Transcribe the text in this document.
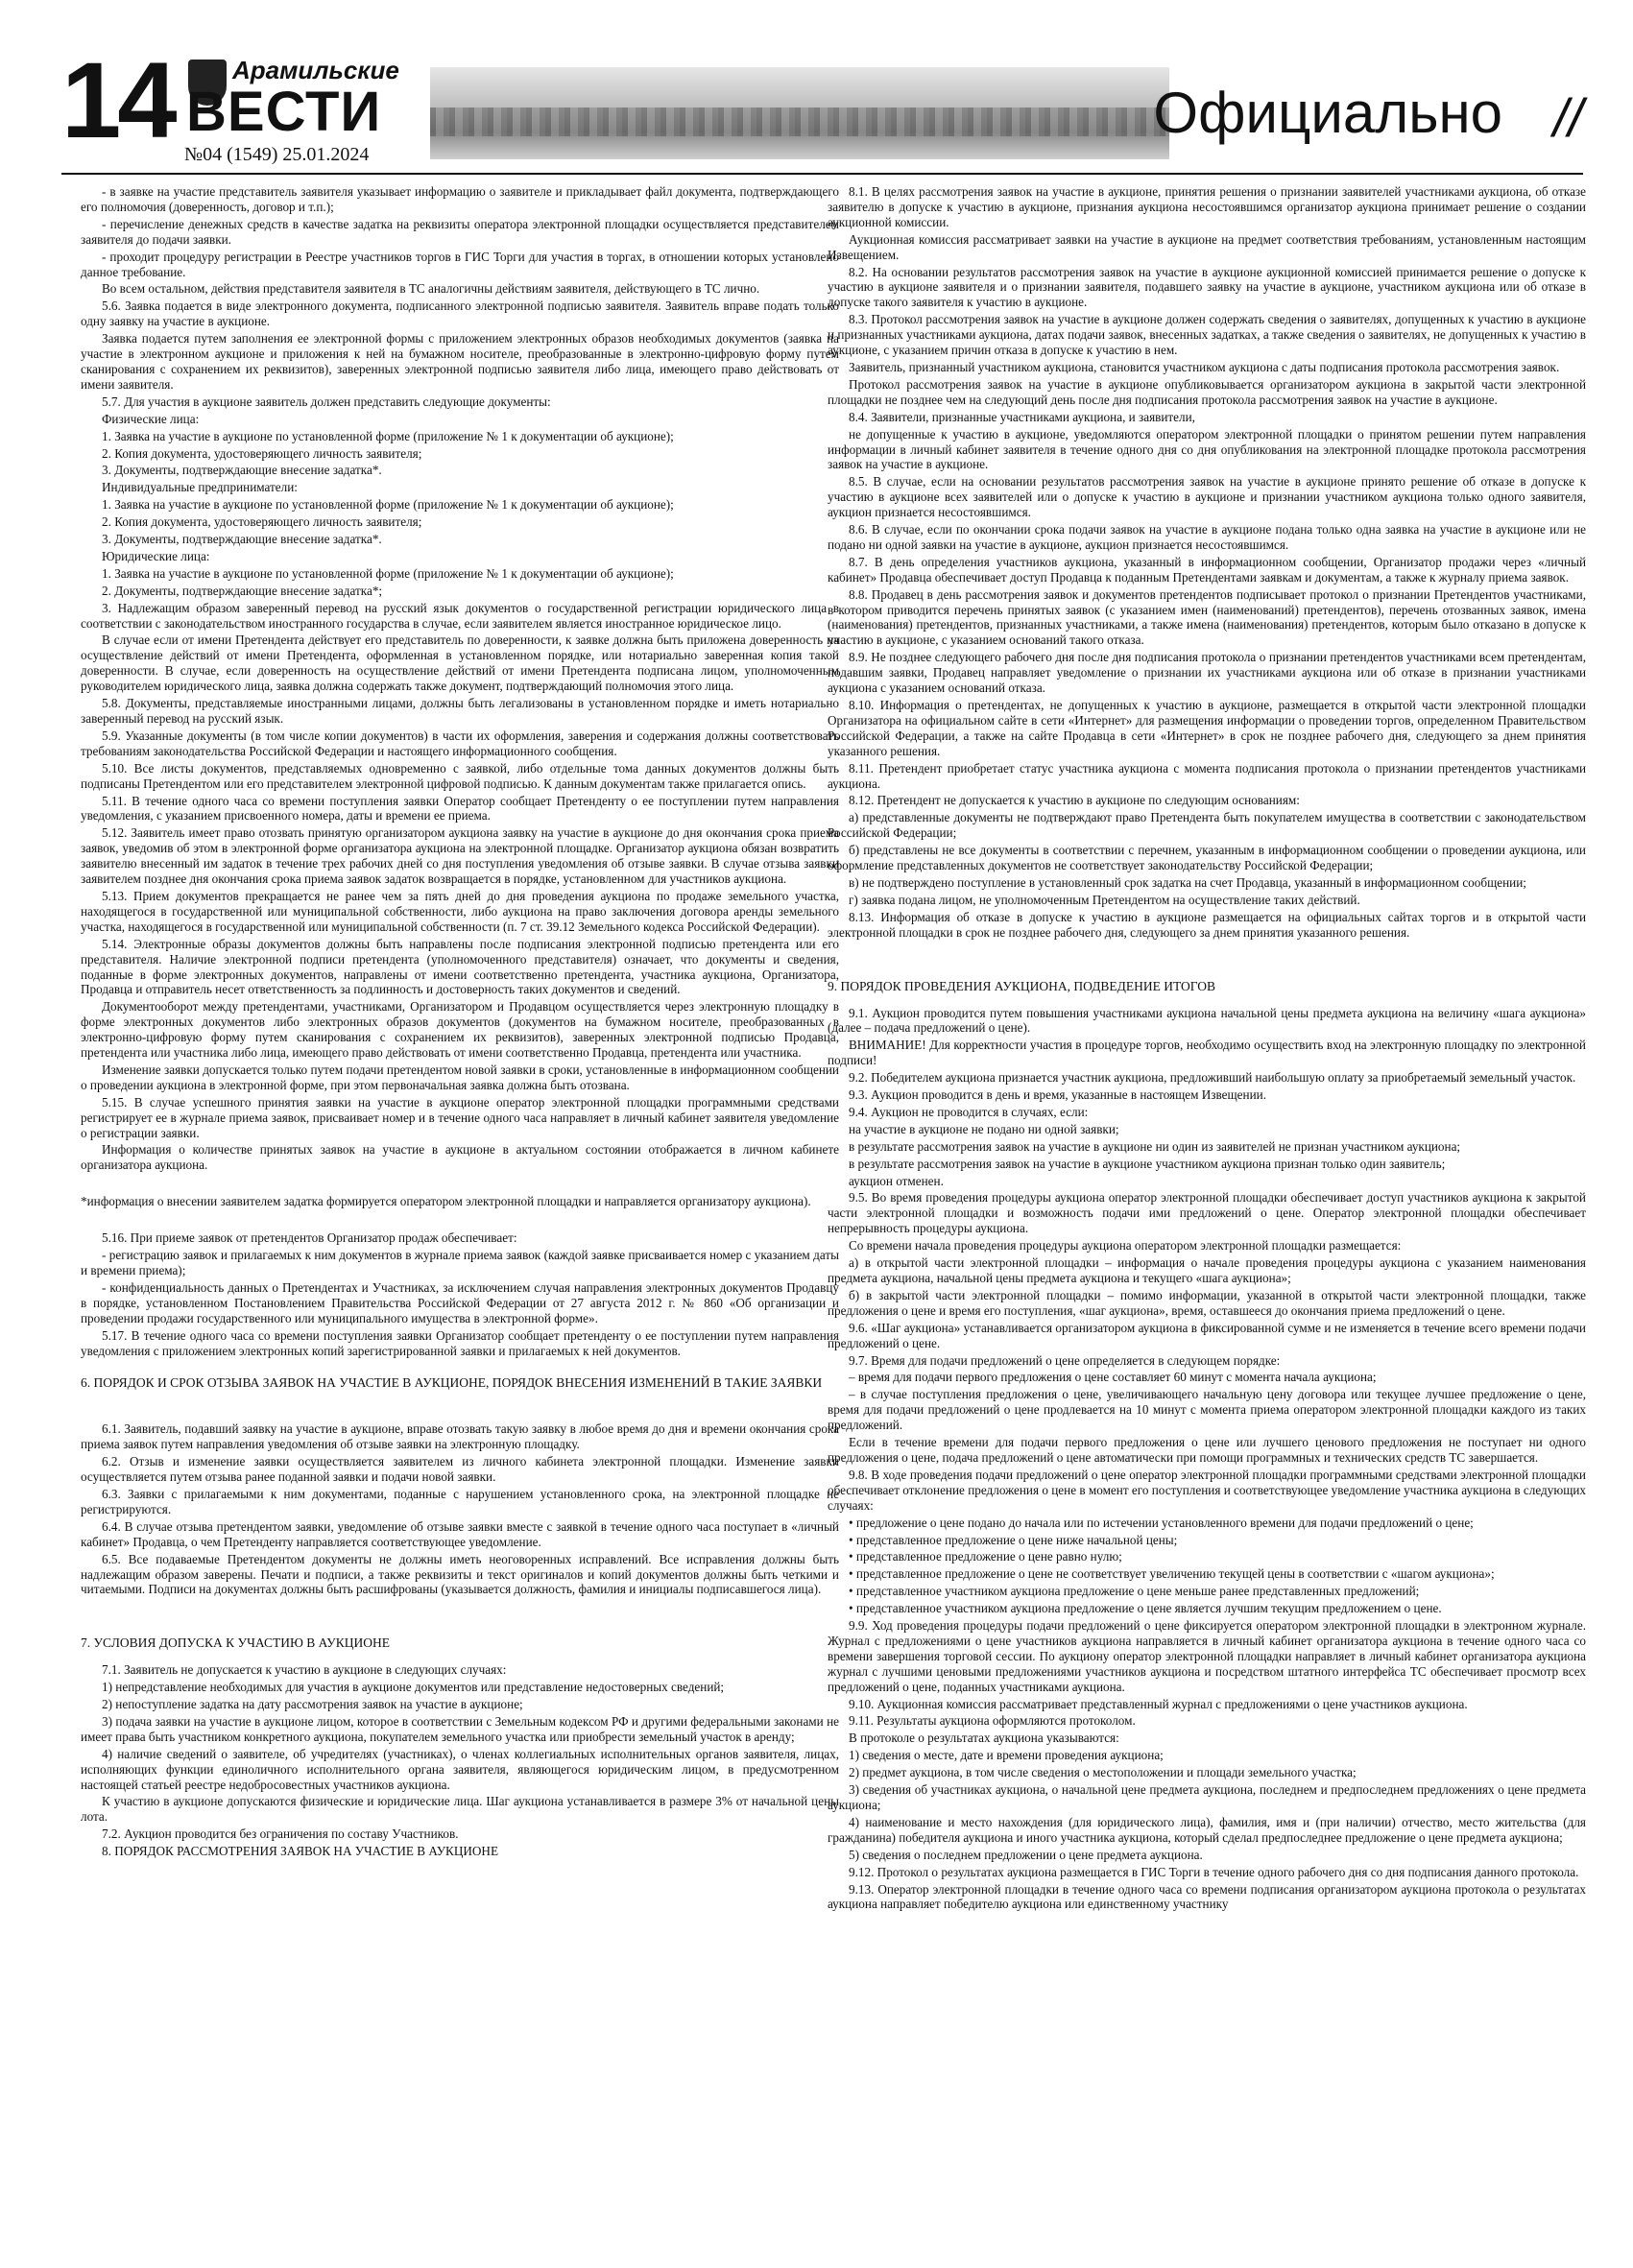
14 Арамильские
ВЕСТИ
№04 (1549) 25.01.2024
Официально //

- в заявке на участие представитель заявителя указывает информацию о заявителе и прикладывает файл документа, подтверждающего его полномочия (доверенность, договор и т.п.);

- перечисление денежных средств в качестве задатка на реквизиты оператора электронной площадки осуществляется представителем заявителя до подачи заявки.

- проходит процедуру регистрации в Реестре участников торгов в ГИС Торги для участия в торгах, в отношении которых установлено данное требование.

Во всем остальном, действия представителя заявителя в ТС аналогичны действиям заявителя, действующего в ТС лично.

5.6. Заявка подается в виде электронного документа, подписанного электронной подписью заявителя. Заявитель вправе подать только одну заявку на участие в аукционе.

Заявка подается путем заполнения ее электронной формы с приложением электронных образов необходимых документов (заявка на участие в электронном аукционе и приложения к ней на бумажном носителе, преобразованные в электронно-цифровую форму путем сканирования с сохранением их реквизитов), заверенных электронной подписью заявителя либо лица, имеющего право действовать от имени заявителя.

5.7. Для участия в аукционе заявитель должен представить следующие документы:

Физические лица:

1. Заявка на участие в аукционе по установленной форме (приложение № 1 к документации об аукционе);

2. Копия документа, удостоверяющего личность заявителя;

3. Документы, подтверждающие внесение задатка*.

Индивидуальные предприниматели:

1. Заявка на участие в аукционе по установленной форме (приложение № 1 к документации об аукционе);

2. Копия документа, удостоверяющего личность заявителя;

3. Документы, подтверждающие внесение задатка*.

Юридические лица:

1. Заявка на участие в аукционе по установленной форме (приложение № 1 к документации об аукционе);

2. Документы, подтверждающие внесение задатка*;

3. Надлежащим образом заверенный перевод на русский язык документов о государственной регистрации юридического лица в соответствии с законодательством иностранного государства в случае, если заявителем является иностранное юридическое лицо.

В случае если от имени Претендента действует его представитель по доверенности, к заявке должна быть приложена доверенность на осуществление действий от имени Претендента, оформленная в установленном порядке, или нотариально заверенная копия такой доверенности. В случае, если доверенность на осуществление действий от имени Претендента подписана лицом, уполномоченным руководителем юридического лица, заявка должна содержать также документ, подтверждающий полномочия этого лица.

5.8. Документы, представляемые иностранными лицами, должны быть легализованы в установленном порядке и иметь нотариально заверенный перевод на русский язык.

5.9. Указанные документы (в том числе копии документов) в части их оформления, заверения и содержания должны соответствовать требованиям законодательства Российской Федерации и настоящего информационного сообщения.

5.10. Все листы документов, представляемых одновременно с заявкой, либо отдельные тома данных документов должны быть подписаны Претендентом или его представителем электронной цифровой подписью. К данным документам также прилагается опись.

5.11. В течение одного часа со времени поступления заявки Оператор сообщает Претенденту о ее поступлении путем направления уведомления, с указанием присвоенного номера, даты и времени ее приема.

5.12. Заявитель имеет право отозвать принятую организатором аукциона заявку на участие в аукционе до дня окончания срока приема заявок, уведомив об этом в электронной форме организатора аукциона на электронной площадке. Организатор аукциона обязан возвратить заявителю внесенный им задаток в течение трех рабочих дней со дня поступления уведомления об отзыве заявки. В случае отзыва заявки заявителем позднее дня окончания срока приема заявок задаток возвращается в порядке, установленном для участников аукциона.

5.13. Прием документов прекращается не ранее чем за пять дней до дня проведения аукциона по продаже земельного участка, находящегося в государственной или муниципальной собственности, либо аукциона на право заключения договора аренды земельного участка, находящегося в государственной или муниципальной собственности (п. 7 ст. 39.12 Земельного кодекса Российской Федерации).

5.14. Электронные образы документов должны быть направлены после подписания электронной подписью претендента или его представителя. Наличие электронной подписи претендента (уполномоченного представителя) означает, что документы и сведения, поданные в форме электронных документов, направлены от имени соответственно претендента, участника аукциона, Организатора, Продавца и отправитель несет ответственность за подлинность и достоверность таких документов и сведений.

Документооборот между претендентами, участниками, Организатором и Продавцом осуществляется через электронную площадку в форме электронных документов либо электронных образов документов (документов на бумажном носителе, преобразованных в электронно-цифровую форму путем сканирования с сохранением их реквизитов), заверенных электронной подписью Продавца, претендента или участника либо лица, имеющего право действовать от имени соответственно Продавца, претендента или участника.

Изменение заявки допускается только путем подачи претендентом новой заявки в сроки, установленные в информационном сообщении о проведении аукциона в электронной форме, при этом первоначальная заявка должна быть отозвана.

5.15. В случае успешного принятия заявки на участие в аукционе оператор электронной площадки программными средствами регистрирует ее в журнале приема заявок, присваивает номер и в течение одного часа направляет в личный кабинет заявителя уведомление о регистрации заявки.

Информация о количестве принятых заявок на участие в аукционе в актуальном состоянии отображается в личном кабинете организатора аукциона.

*информация о внесении заявителем задатка формируется оператором электронной площадки и направляется организатору аукциона).

5.16. При приеме заявок от претендентов Организатор продаж обеспечивает:

- регистрацию заявок и прилагаемых к ним документов в журнале приема заявок (каждой заявке присваивается номер с указанием даты и времени приема);

- конфиденциальность данных о Претендентах и Участниках, за исключением случая направления электронных документов Продавцу в порядке, установленном Постановлением Правительства Российской Федерации от 27 августа 2012 г. № 860 «Об организации и проведении продажи государственного или муниципального имущества в электронной форме».

5.17. В течение одного часа со времени поступления заявки Организатор сообщает претенденту о ее поступлении путем направления уведомления с приложением электронных копий зарегистрированной заявки и прилагаемых к ней документов.

6. ПОРЯДОК И СРОК ОТЗЫВА ЗАЯВОК НА УЧАСТИЕ В АУКЦИОНЕ, ПОРЯДОК ВНЕСЕНИЯ ИЗМЕНЕНИЙ В ТАКИЕ ЗАЯВКИ

6.1. Заявитель, подавший заявку на участие в аукционе, вправе отозвать такую заявку в любое время до дня и времени окончания срока приема заявок путем направления уведомления об отзыве заявки на электронную площадку.

6.2. Отзыв и изменение заявки осуществляется заявителем из личного кабинета электронной площадки. Изменение заявки осуществляется путем отзыва ранее поданной заявки и подачи новой заявки.

6.3. Заявки с прилагаемыми к ним документами, поданные с нарушением установленного срока, на электронной площадке не регистрируются.

6.4. В случае отзыва претендентом заявки, уведомление об отзыве заявки вместе с заявкой в течение одного часа поступает в «личный кабинет» Продавца, о чем Претенденту направляется соответствующее уведомление.

6.5. Все подаваемые Претендентом документы не должны иметь неоговоренных исправлений. Все исправления должны быть надлежащим образом заверены. Печати и подписи, а также реквизиты и текст оригиналов и копий документов должны быть четкими и читаемыми. Подписи на документах должны быть расшифрованы (указывается должность, фамилия и инициалы подписавшегося лица).

7. УСЛОВИЯ ДОПУСКА К УЧАСТИЮ В АУКЦИОНЕ

7.1. Заявитель не допускается к участию в аукционе в следующих случаях:

1) непредставление необходимых для участия в аукционе документов или представление недостоверных сведений;

2) непоступление задатка на дату рассмотрения заявок на участие в аукционе;

3) подача заявки на участие в аукционе лицом, которое в соответствии с Земельным кодексом РФ и другими федеральными законами не имеет права быть участником конкретного аукциона, покупателем земельного участка или приобрести земельный участок в аренду;

4) наличие сведений о заявителе, об учредителях (участниках), о членах коллегиальных исполнительных органов заявителя, лицах, исполняющих функции единоличного исполнительного органа заявителя, являющегося юридическим лицом, в предусмотренном настоящей статьей реестре недобросовестных участников аукциона.

К участию в аукционе допускаются физические и юридические лица. Шаг аукциона устанавливается в размере 3% от начальной цены лота.

7.2. Аукцион проводится без ограничения по составу Участников.

8. ПОРЯДОК РАССМОТРЕНИЯ ЗАЯВОК НА УЧАСТИЕ В АУКЦИОНЕ

8.1. В целях рассмотрения заявок на участие в аукционе, принятия решения о признании заявителей участниками аукциона, об отказе заявителю в допуске к участию в аукционе, признания аукциона несостоявшимся организатор аукциона принимает решение о создании аукционной комиссии.

Аукционная комиссия рассматривает заявки на участие в аукционе на предмет соответствия требованиям, установленным настоящим Извещением.

8.2. На основании результатов рассмотрения заявок на участие в аукционе аукционной комиссией принимается решение о допуске к участию в аукционе заявителя и о признании заявителя, подавшего заявку на участие в аукционе, участником аукциона или об отказе в допуске такого заявителя к участию в аукционе.

8.3. Протокол рассмотрения заявок на участие в аукционе должен содержать сведения о заявителях, допущенных к участию в аукционе и признанных участниками аукциона, датах подачи заявок, внесенных задатках, а также сведения о заявителях, не допущенных к участию в аукционе, с указанием причин отказа в допуске к участию в нем.

Заявитель, признанный участником аукциона, становится участником аукциона с даты подписания протокола рассмотрения заявок.

Протокол рассмотрения заявок на участие в аукционе опубликовывается организатором аукциона в закрытой части электронной площадки не позднее чем на следующий день после дня подписания протокола рассмотрения заявок на участие в аукционе.

8.4. Заявители, признанные участниками аукциона, и заявители,

не допущенные к участию в аукционе, уведомляются оператором электронной площадки о принятом решении путем направления информации в личный кабинет заявителя в течение одного дня со дня опубликования на электронной площадке протокола рассмотрения заявок на участие в аукционе.

8.5. В случае, если на основании результатов рассмотрения заявок на участие в аукционе принято решение об отказе в допуске к участию в аукционе всех заявителей или о допуске к участию в аукционе и признании участником аукциона только одного заявителя, аукцион признается несостоявшимся.

8.6. В случае, если по окончании срока подачи заявок на участие в аукционе подана только одна заявка на участие в аукционе или не подано ни одной заявки на участие в аукционе, аукцион признается несостоявшимся.

8.7. В день определения участников аукциона, указанный в информационном сообщении, Организатор продажи через «личный кабинет» Продавца обеспечивает доступ Продавца к поданным Претендентами заявкам и документам, а также к журналу приема заявок.

8.8. Продавец в день рассмотрения заявок и документов претендентов подписывает протокол о признании Претендентов участниками, в котором приводится перечень принятых заявок (с указанием имен (наименований) претендентов), перечень отозванных заявок, имена (наименования) претендентов, признанных участниками, а также имена (наименования) претендентов, которым было отказано в допуске к участию в аукционе, с указанием оснований такого отказа.

8.9. Не позднее следующего рабочего дня после дня подписания протокола о признании претендентов участниками всем претендентам, подавшим заявки, Продавец направляет уведомление о признании их участниками аукциона или об отказе в признании участниками аукциона с указанием оснований отказа.

8.10. Информация о претендентах, не допущенных к участию в аукционе, размещается в открытой части электронной площадки Организатора на официальном сайте в сети «Интернет» для размещения информации о проведении торгов, определенном Правительством Российской Федерации, а также на сайте Продавца в сети «Интернет» в срок не позднее рабочего дня, следующего за днем принятия указанного решения.

8.11. Претендент приобретает статус участника аукциона с момента подписания протокола о признании претендентов участниками аукциона.

8.12. Претендент не допускается к участию в аукционе по следующим основаниям:

а) представленные документы не подтверждают право Претендента быть покупателем имущества в соответствии с законодательством Российской Федерации;

б) представлены не все документы в соответствии с перечнем, указанным в информационном сообщении о проведении аукциона, или оформление представленных документов не соответствует законодательству Российской Федерации;

в) не подтверждено поступление в установленный срок задатка на счет Продавца, указанный в информационном сообщении;

г) заявка подана лицом, не уполномоченным Претендентом на осуществление таких действий.

8.13. Информация об отказе в допуске к участию в аукционе размещается на официальных сайтах торгов и в открытой части электронной площадки в срок не позднее рабочего дня, следующего за днем принятия указанного решения.

9. ПОРЯДОК ПРОВЕДЕНИЯ АУКЦИОНА, ПОДВЕДЕНИЕ ИТОГОВ

9.1. Аукцион проводится путем повышения участниками аукциона начальной цены предмета аукциона на величину «шага аукциона» (далее – подача предложений о цене).

ВНИМАНИЕ! Для корректности участия в процедуре торгов, необходимо осуществить вход на электронную площадку по электронной подписи!

9.2. Победителем аукциона признается участник аукциона, предложивший наибольшую оплату за приобретаемый земельный участок.

9.3. Аукцион проводится в день и время, указанные в настоящем Извещении.

9.4. Аукцион не проводится в случаях, если:

на участие в аукционе не подано ни одной заявки;

в результате рассмотрения заявок на участие в аукционе ни один из заявителей не признан участником аукциона;

в результате рассмотрения заявок на участие в аукционе участником аукциона признан только один заявитель;

аукцион отменен.

9.5. Во время проведения процедуры аукциона оператор электронной площадки обеспечивает доступ участников аукциона к закрытой части электронной площадки и возможность подачи ими предложений о цене. Оператор электронной площадки обеспечивает непрерывность процедуры аукциона.

Со времени начала проведения процедуры аукциона оператором электронной площадки размещается:

а) в открытой части электронной площадки – информация о начале проведения процедуры аукциона с указанием наименования предмета аукциона, начальной цены предмета аукциона и текущего «шага аукциона»;

б) в закрытой части электронной площадки – помимо информации, указанной в открытой части электронной площадки, также предложения о цене и время его поступления, «шаг аукциона», время, оставшееся до окончания приема предложений о цене.

9.6. «Шаг аукциона» устанавливается организатором аукциона в фиксированной сумме и не изменяется в течение всего времени подачи предложений о цене.

9.7. Время для подачи предложений о цене определяется в следующем порядке:

– время для подачи первого предложения о цене составляет 60 минут с момента начала аукциона;

– в случае поступления предложения о цене, увеличивающего начальную цену договора или текущее лучшее предложение о цене, время для подачи предложений о цене продлевается на 10 минут с момента приема оператором электронной площадки каждого из таких предложений.

Если в течение времени для подачи первого предложения о цене или лучшего ценового предложения не поступает ни одного предложения о цене, подача предложений о цене автоматически при помощи программных и технических средств ТС завершается.

9.8. В ходе проведения подачи предложений о цене оператор электронной площадки программными средствами электронной площадки обеспечивает отклонение предложения о цене в момент его поступления и соответствующее уведомление участника аукциона в следующих случаях:

• предложение о цене подано до начала или по истечении установленного времени для подачи предложений о цене;

• представленное предложение о цене ниже начальной цены;

• представленное предложение о цене равно нулю;

• представленное предложение о цене не соответствует увеличению текущей цены в соответствии с «шагом аукциона»;

• представленное участником аукциона предложение о цене меньше ранее представленных предложений;

• представленное участником аукциона предложение о цене является лучшим текущим предложением о цене.

9.9. Ход проведения процедуры подачи предложений о цене фиксируется оператором электронной площадки в электронном журнале. Журнал с предложениями о цене участников аукциона направляется в личный кабинет организатора аукциона в течение одного часа со времени завершения торговой сессии. По аукциону оператор электронной площадки направляет в личный кабинет организатора аукциона журнал с лучшими ценовыми предложениями участников аукциона и посредством штатного интерфейса ТС обеспечивает просмотр всех предложений о цене, поданных участниками аукциона.

9.10. Аукционная комиссия рассматривает представленный журнал с предложениями о цене участников аукциона.

9.11. Результаты аукциона оформляются протоколом.

В протоколе о результатах аукциона указываются:

1) сведения о месте, дате и времени проведения аукциона;

2) предмет аукциона, в том числе сведения о местоположении и площади земельного участка;

3) сведения об участниках аукциона, о начальной цене предмета аукциона, последнем и предпоследнем предложениях о цене предмета аукциона;

4) наименование и место нахождения (для юридического лица), фамилия, имя и (при наличии) отчество, место жительства (для гражданина) победителя аукциона и иного участника аукциона, который сделал предпоследнее предложение о цене предмета аукциона;

5) сведения о последнем предложении о цене предмета аукциона.

9.12. Протокол о результатах аукциона размещается в ГИС Торги в течение одного рабочего дня со дня подписания данного протокола.

9.13. Оператор электронной площадки в течение одного часа со времени подписания организатором аукциона протокола о результатах аукциона направляет победителю аукциона или единственному участнику
